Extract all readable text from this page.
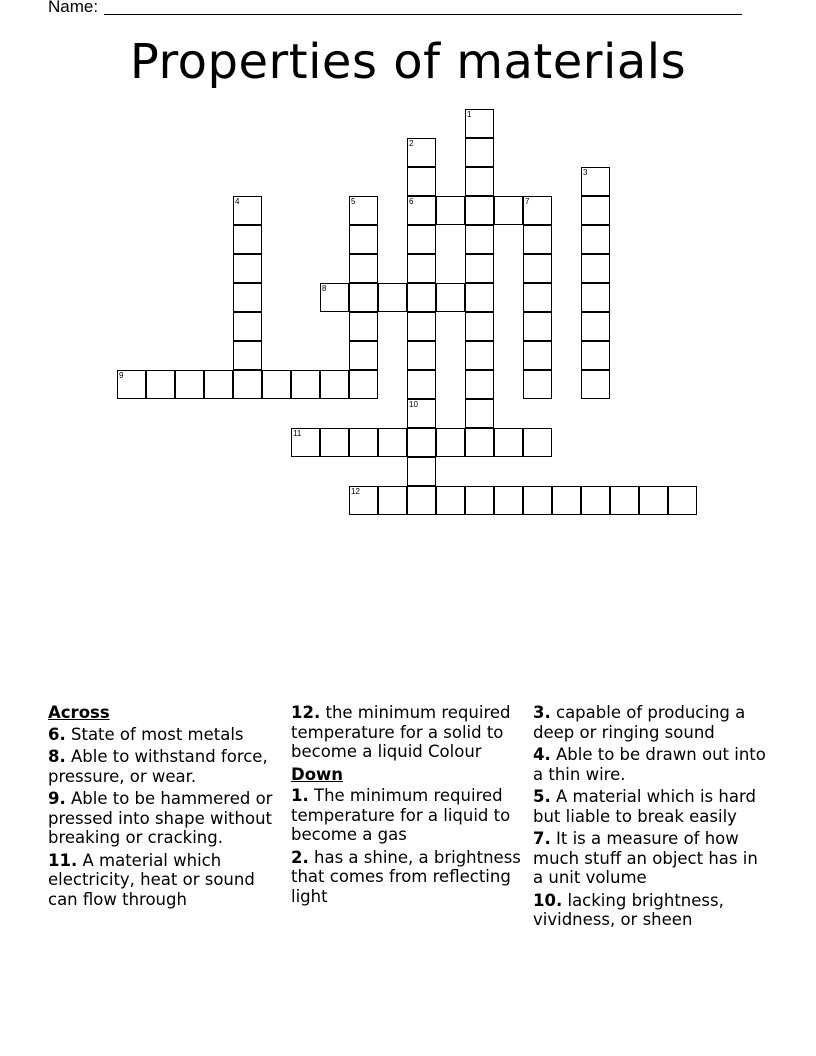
Name:
Properties of materials
1
2
6
3
4	5	7
8
9
10
11
12
Across
6. State of most metals
8. Able to withstand force, pressure, or wear.
9. Able to be hammered or pressed into shape without breaking or cracking.
11. A material which electricity, heat or sound can flow through
12. the minimum required temperature for a solid to become a liquid Colour
Down
1. The minimum required temperature for a liquid to become a gas
2. has a shine, a brightness that comes from reflecting light
3. capable of producing a deep or ringing sound
4. Able to be drawn out into a thin wire.
5. A material which is hard but liable to break easily
7. It is a measure of how much stuff an object has in a unit volume
10. lacking brightness, vividness, or sheen
